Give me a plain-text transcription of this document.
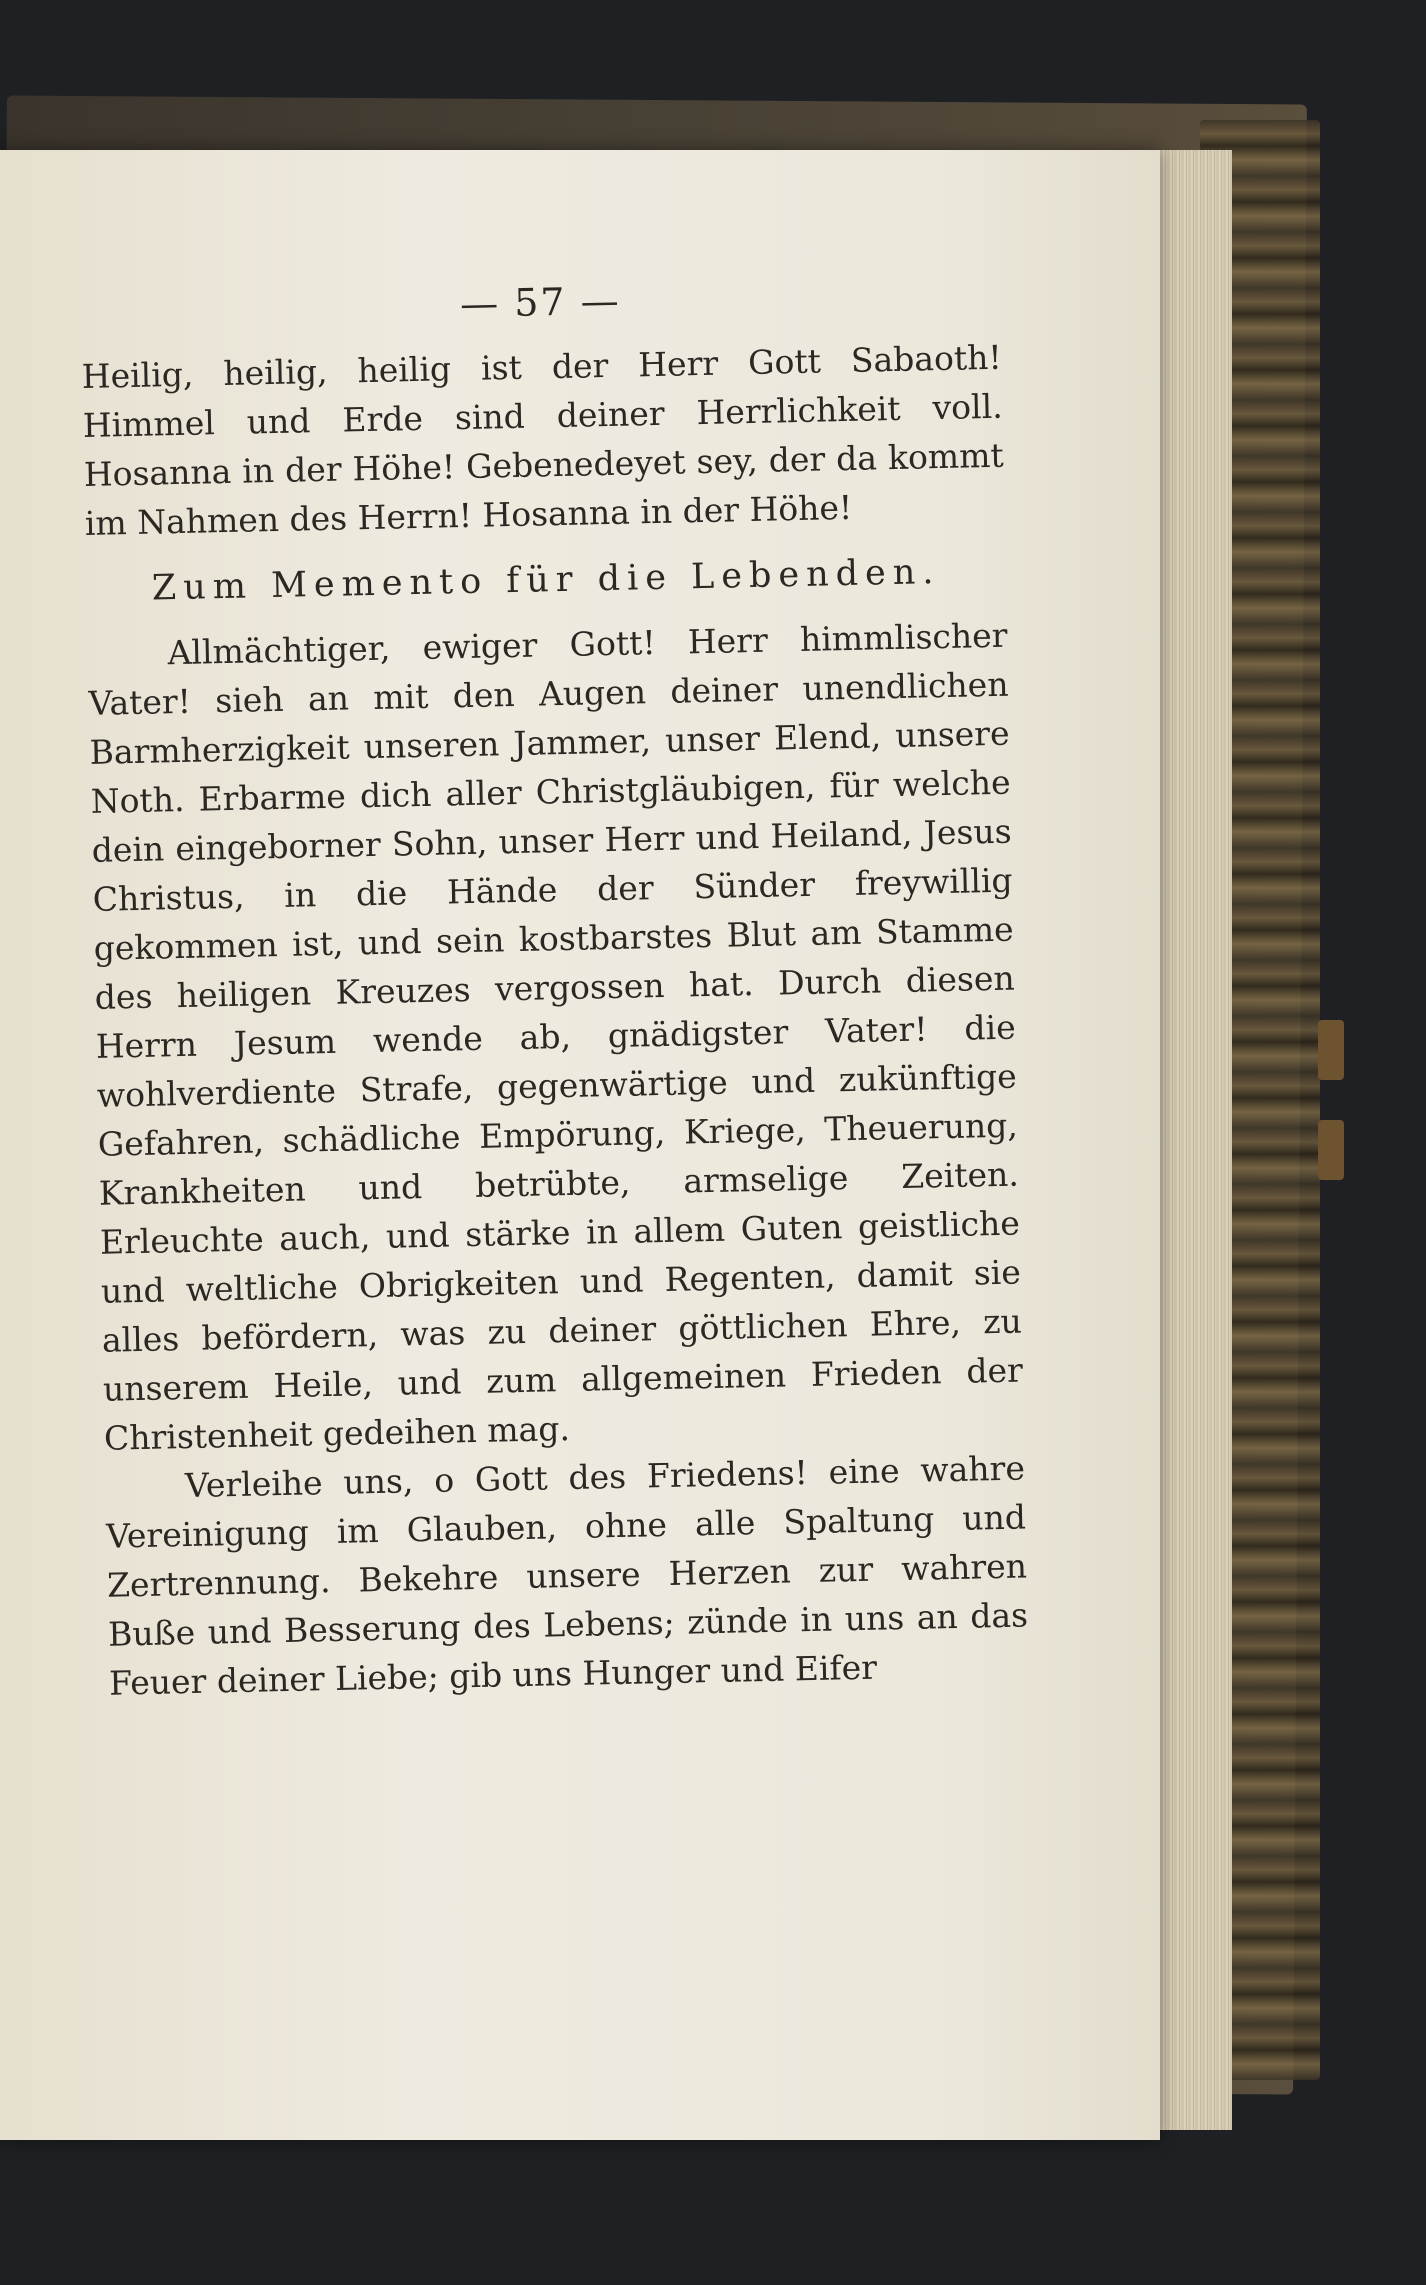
— 57 —

Heilig, heilig, heilig ist der Herr Gott Sabaoth! Himmel und Erde sind deiner Herrlichkeit voll. Hosanna in der Höhe! Gebenedeyet sey, der da kommt im Nahmen des Herrn! Hosanna in der Höhe!

Zum Memento für die Lebenden.

Allmächtiger, ewiger Gott! Herr himmlischer Vater! sieh an mit den Augen deiner unendlichen Barmherzigkeit unseren Jammer, unser Elend, unsere Noth. Erbarme dich aller Christgläubigen, für welche dein eingeborner Sohn, unser Herr und Heiland, Jesus Christus, in die Hände der Sünder freywillig gekommen ist, und sein kostbarstes Blut am Stamme des heiligen Kreuzes vergossen hat. Durch diesen Herrn Jesum wende ab, gnädigster Vater! die wohlverdiente Strafe, gegenwärtige und zukünftige Gefahren, schädliche Empörung, Kriege, Theuerung, Krankheiten und betrübte, armselige Zeiten. Erleuchte auch, und stärke in allem Guten geistliche und weltliche Obrigkeiten und Regenten, damit sie alles befördern, was zu deiner göttlichen Ehre, zu unserem Heile, und zum allgemeinen Frieden der Christenheit gedeihen mag.

Verleihe uns, o Gott des Friedens! eine wahre Vereinigung im Glauben, ohne alle Spaltung und Zertrennung. Bekehre unsere Herzen zur wahren Buße und Besserung des Lebens; zünde in uns an das Feuer deiner Liebe; gib uns Hunger und Eifer
